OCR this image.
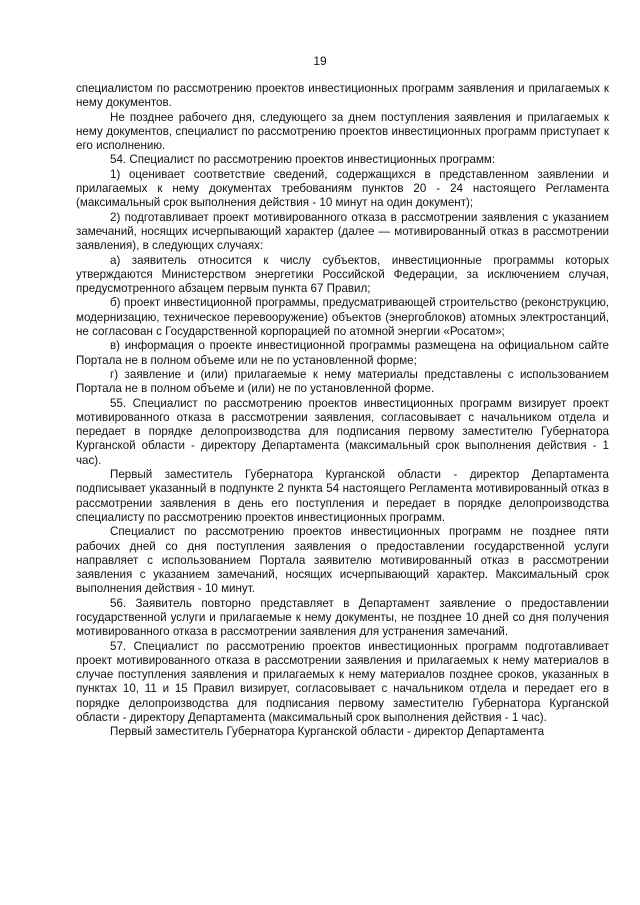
19

специалистом по рассмотрению проектов инвестиционных программ заявления и прилагаемых к нему документов.

Не позднее рабочего дня, следующего за днем поступления заявления и прилагаемых к нему документов, специалист по рассмотрению проектов инвестиционных программ приступает к его исполнению.

54. Специалист по рассмотрению проектов инвестиционных программ:

1) оценивает соответствие сведений, содержащихся в представленном заявлении и прилагаемых к нему документах требованиям пунктов 20 - 24 настоящего Регламента (максимальный срок выполнения действия - 10 минут на один документ);

2) подготавливает проект мотивированного отказа в рассмотрении заявления с указанием замечаний, носящих исчерпывающий характер (далее — мотивированный отказ в рассмотрении заявления), в следующих случаях:

а) заявитель относится к числу субъектов, инвестиционные программы которых утверждаются Министерством энергетики Российской Федерации, за исключением случая, предусмотренного абзацем первым пункта 67 Правил;

б) проект инвестиционной программы, предусматривающей строительство (реконструкцию, модернизацию, техническое перевооружение) объектов (энергоблоков) атомных электростанций, не согласован с Государственной корпорацией по атомной энергии «Росатом»;

в) информация о проекте инвестиционной программы размещена на официальном сайте Портала не в полном объеме или не по установленной форме;

г) заявление и (или) прилагаемые к нему материалы представлены с использованием Портала не в полном объеме и (или) не по установленной форме.

55. Специалист по рассмотрению проектов инвестиционных программ визирует проект мотивированного отказа в рассмотрении заявления, согласовывает с начальником отдела и передает в порядке делопроизводства для подписания первому заместителю Губернатора Курганской области - директору Департамента (максимальный срок выполнения действия - 1 час).

Первый заместитель Губернатора Курганской области - директор Департамента подписывает указанный в подпункте 2 пункта 54 настоящего Регламента мотивированный отказ в рассмотрении заявления в день его поступления и передает в порядке делопроизводства специалисту по рассмотрению проектов инвестиционных программ.

Специалист по рассмотрению проектов инвестиционных программ не позднее пяти рабочих дней со дня поступления заявления о предоставлении государственной услуги направляет с использованием Портала заявителю мотивированный отказ в рассмотрении заявления с указанием замечаний, носящих исчерпывающий характер. Максимальный срок выполнения действия - 10 минут.

56. Заявитель повторно представляет в Департамент заявление о предоставлении государственной услуги и прилагаемые к нему документы, не позднее 10 дней со дня получения мотивированного отказа в рассмотрении заявления для устранения замечаний.

57. Специалист по рассмотрению проектов инвестиционных программ подготавливает проект мотивированного отказа в рассмотрении заявления и прилагаемых к нему материалов в случае поступления заявления и прилагаемых к нему материалов позднее сроков, указанных в пунктах 10, 11 и 15 Правил визирует, согласовывает с начальником отдела и передает его в порядке делопроизводства для подписания первому заместителю Губернатора Курганской области - директору Департамента (максимальный срок выполнения действия - 1 час).

Первый заместитель Губернатора Курганской области - директор Департамента
